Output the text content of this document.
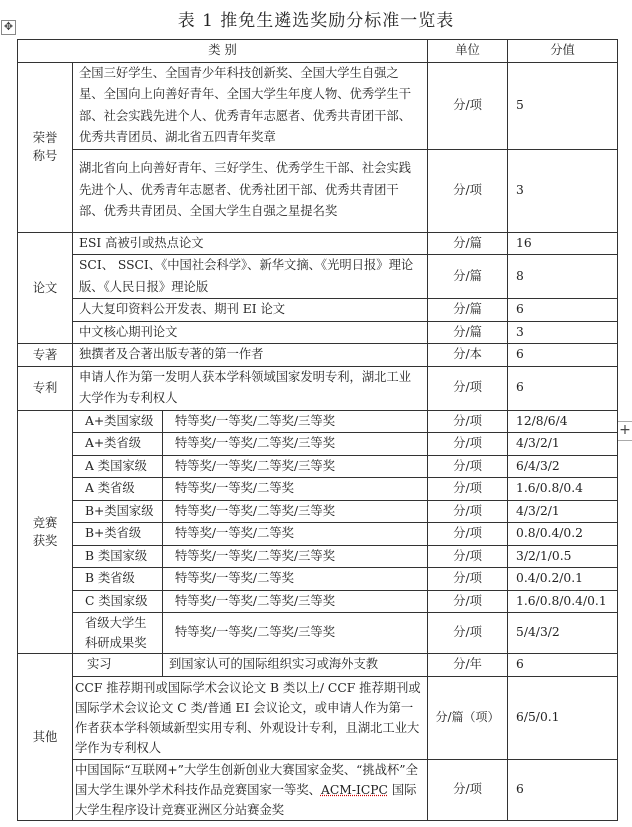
表 1 推免生遴选奖励分标准一览表
✥
+
类 别			单位	分值
荣誉
称号	全国三好学生、全国青少年科技创新奖、全国大学生自强之星、全国向上向善好青年、全国大学生年度人物、优秀学生干部、社会实践先进个人、优秀青年志愿者、优秀共青团干部、优秀共青团员、湖北省五四青年奖章		分/项	5
	湖北省向上向善好青年、三好学生、优秀学生干部、社会实践先进个人、优秀青年志愿者、优秀社团干部、优秀共青团干部、优秀共青团员、全国大学生自强之星提名奖		分/项	3
论文	ESI 高被引或热点论文		分/篇	16
	SCI、 SSCI、《中国社会科学》、新华文摘、《光明日报》理论版、《人民日报》理论版		分/篇	8
	人大复印资料公开发表、期刊 EI 论文		分/篇	6
	中文核心期刊论文		分/篇	3
专著	独撰者及合著出版专著的第一作者		分/本	6
专利	申请人作为第一发明人获本学科领域国家发明专利，湖北工业大学作为专利权人		分/项	6
竞赛
获奖	A+类国家级	特等奖/一等奖/二等奖/三等奖	分/项	12/8/6/4
	A+类省级	特等奖/一等奖/二等奖/三等奖	分/项	4/3/2/1
	A 类国家级	特等奖/一等奖/二等奖/三等奖	分/项	6/4/3/2
	A 类省级	特等奖/一等奖/二等奖	分/项	1.6/0.8/0.4
	B+类国家级	特等奖/一等奖/二等奖/三等奖	分/项	4/3/2/1
	B+类省级	特等奖/一等奖/二等奖	分/项	0.8/0.4/0.2
	B 类国家级	特等奖/一等奖/二等奖/三等奖	分/项	3/2/1/0.5
	B 类省级	特等奖/一等奖/二等奖	分/项	0.4/0.2/0.1
	C 类国家级	特等奖/一等奖/二等奖/三等奖	分/项	1.6/0.8/0.4/0.1
	省级大学生科研成果奖	特等奖/一等奖/二等奖/三等奖	分/项	5/4/3/2
其他	实习	到国家认可的国际组织实习或海外支教	分/年	6
	CCF 推荐期刊或国际学术会议论文 B 类以上/ CCF 推荐期刊或国际学术会议论文 C 类/普通 EI 会议论文，或申请人作为第一作者获本学科领域新型实用专利、外观设计专利，且湖北工业大学作为专利权人		分/篇（项）	6/5/0.1
	中国国际“互联网+”大学生创新创业大赛国家金奖、“挑战杯”全国大学生课外学术科技作品竞赛国家一等奖、ACM-ICPC 国际大学生程序设计竞赛亚洲区分站赛金奖		分/项	6
